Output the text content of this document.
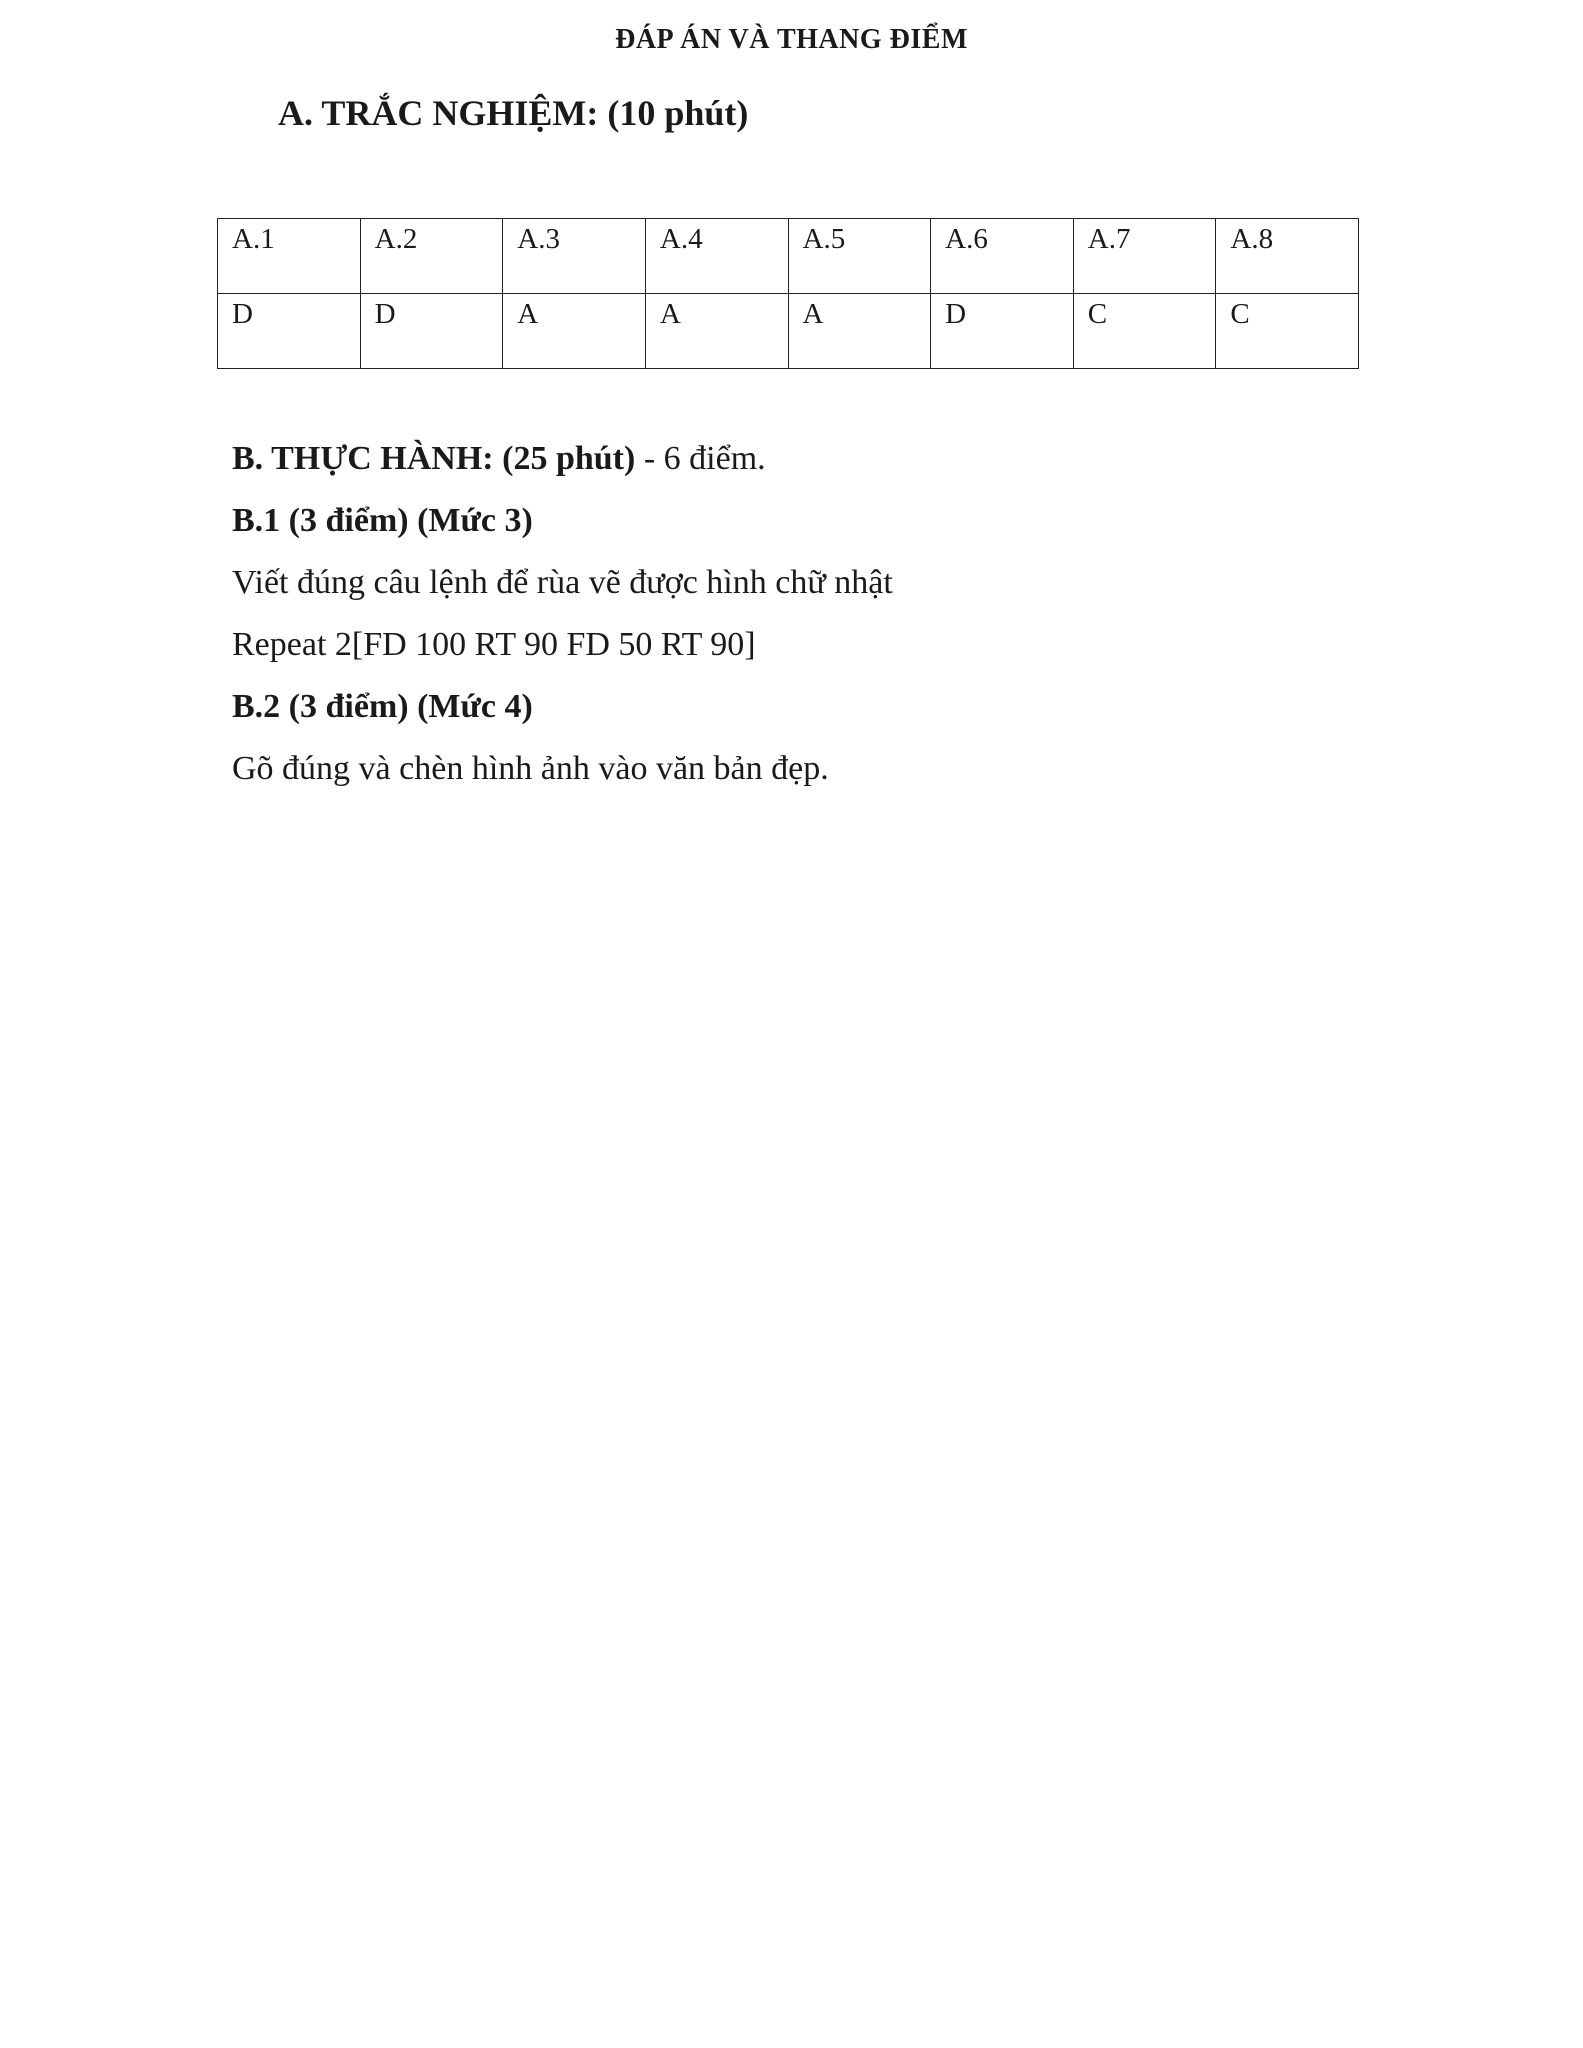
ĐÁP ÁN VÀ THANG ĐIỂM
A. TRẮC NGHIỆM: (10 phút)
A.1	A.2	A.3	A.4	A.5	A.6	A.7	A.8
D	D	A	A	A	D	C	C
B. THỰC HÀNH: (25 phút) - 6 điểm.
B.1 (3 điểm) (Mức 3)
Viết đúng câu lệnh để rùa vẽ được hình chữ nhật
Repeat 2[FD 100 RT 90 FD 50 RT 90]
B.2 (3 điểm) (Mức 4)
Gõ đúng và chèn hình ảnh vào văn bản đẹp.
